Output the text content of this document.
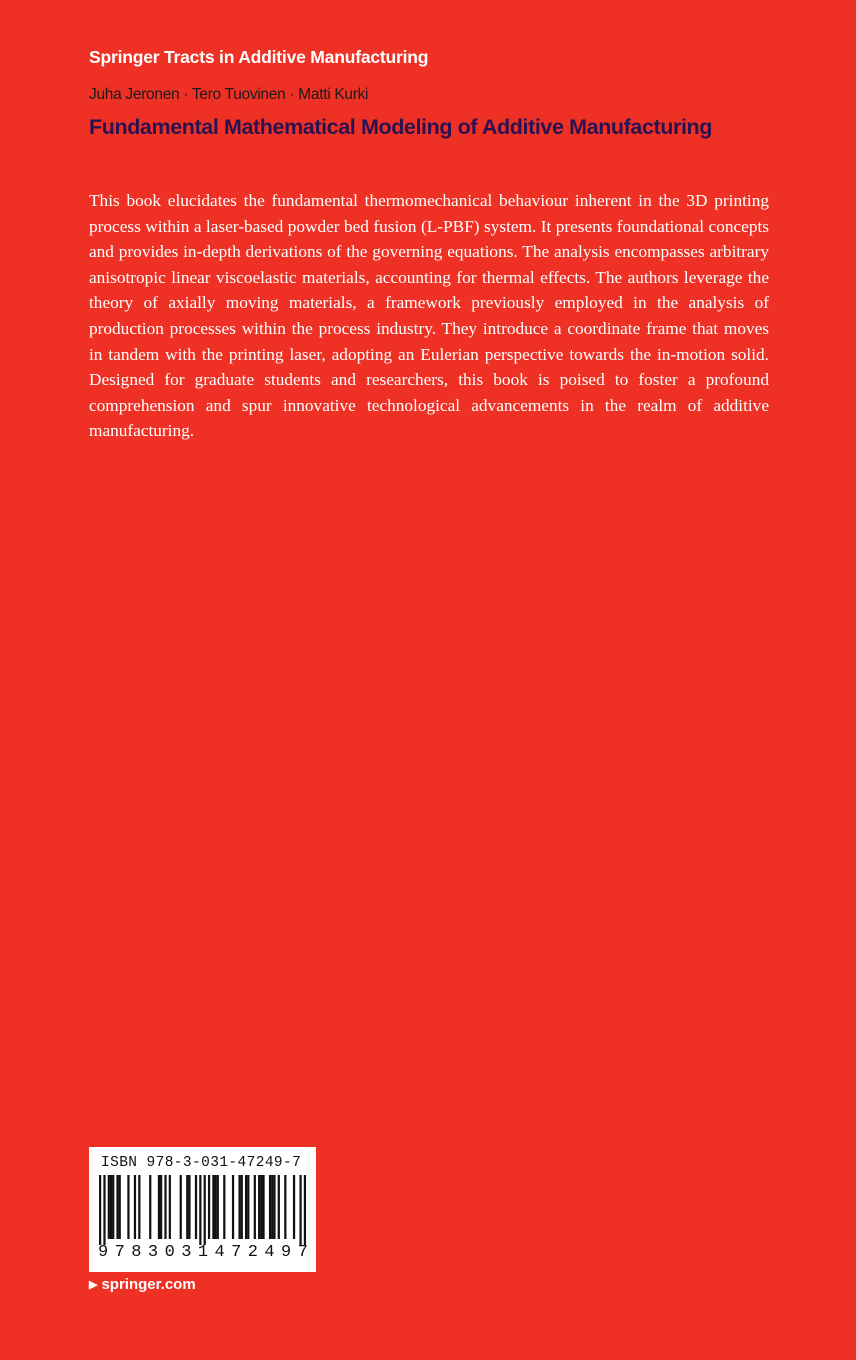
Springer Tracts in Additive Manufacturing
Juha Jeronen · Tero Tuovinen · Matti Kurki
Fundamental Mathematical Modeling of Additive Manufacturing

This book elucidates the fundamental thermomechanical behaviour inherent in the 3D printing process within a laser-based powder bed fusion (L-PBF) system. It presents foundational concepts and provides in-depth derivations of the governing equations. The analysis encompasses arbitrary anisotropic linear viscoelastic materials, accounting for thermal effects. The authors leverage the theory of axially moving materials, a framework previously employed in the analysis of production processes within the process industry. They introduce a coordinate frame that moves in tandem with the printing laser, adopting an Eulerian perspective towards the in-motion solid. Designed for graduate students and researchers, this book is poised to foster a profound comprehension and spur innovative technological advancements in the realm of additive manufacturing.

ISBN 978-3-031-47249-7
9 7 8 3 0 3 1 4 7 2 4 9 7
▶ springer.com
